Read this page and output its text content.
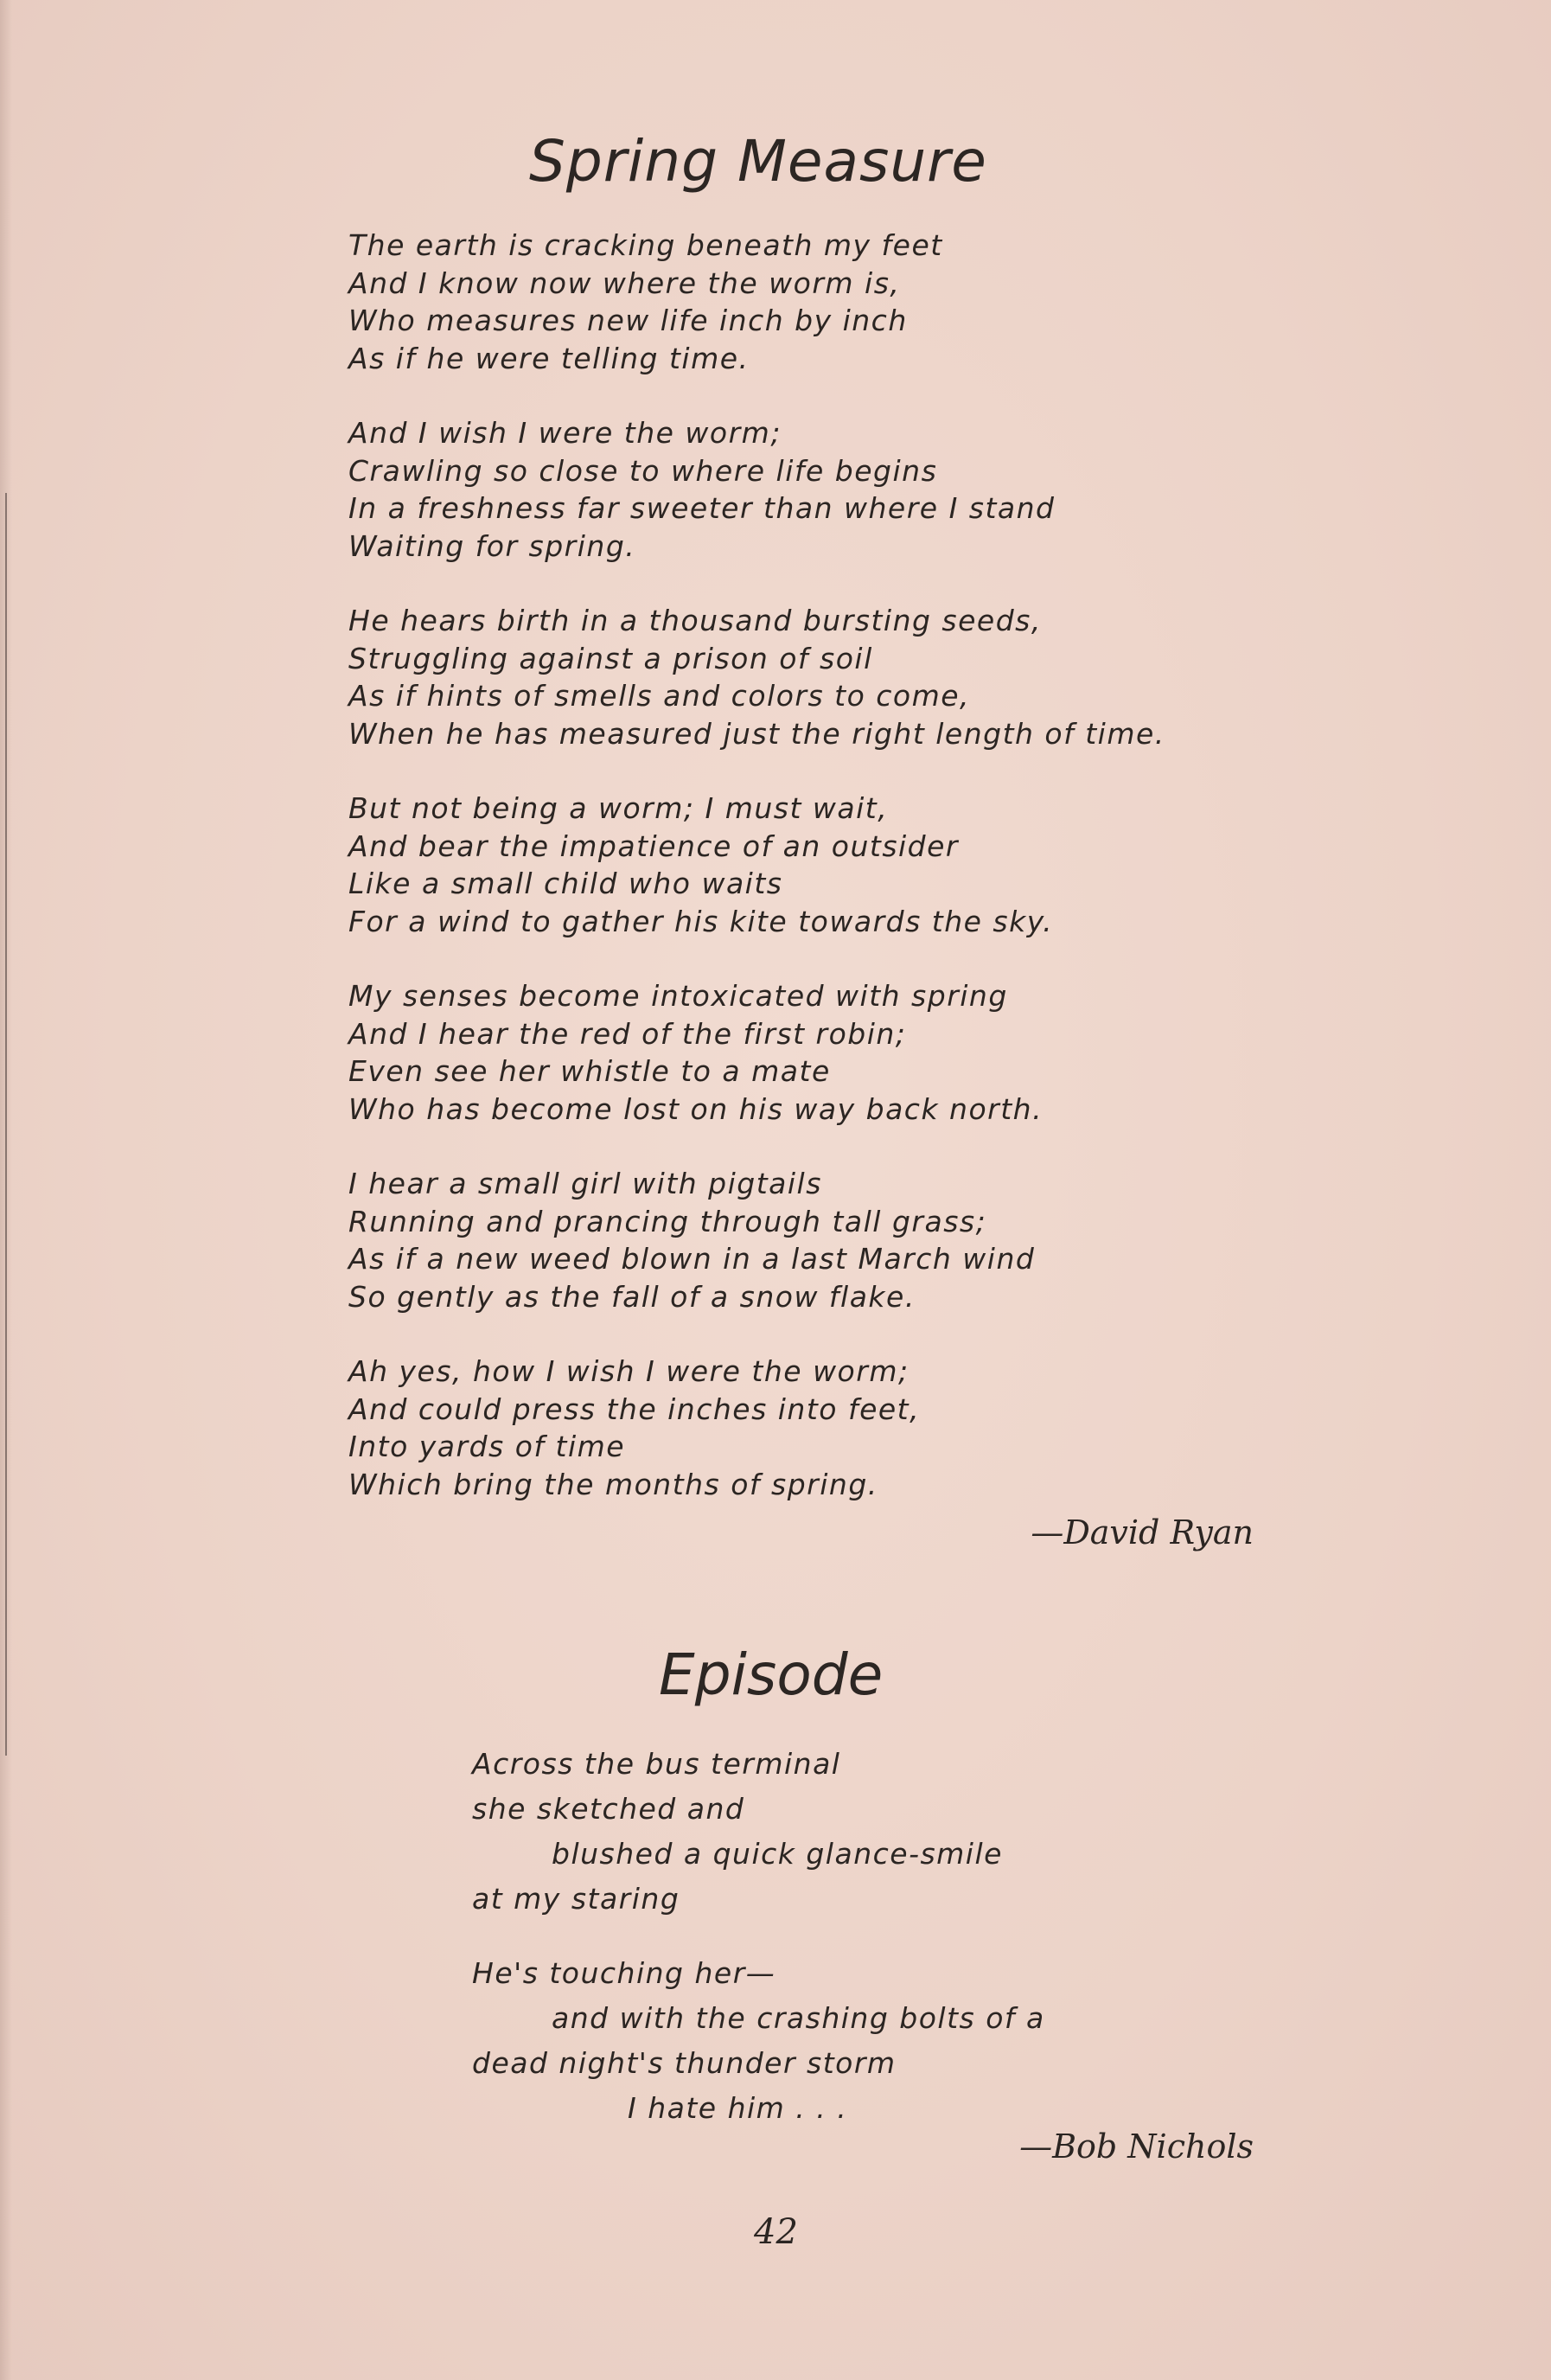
Spring Measure
The earth is cracking beneath my feet
And I know now where the worm is,
Who measures new life inch by inch
As if he were telling time.
And I wish I were the worm;
Crawling so close to where life begins
In a freshness far sweeter than where I stand
Waiting for spring.
He hears birth in a thousand bursting seeds,
Struggling against a prison of soil
As if hints of smells and colors to come,
When he has measured just the right length of time.
But not being a worm; I must wait,
And bear the impatience of an outsider
Like a small child who waits
For a wind to gather his kite towards the sky.
My senses become intoxicated with spring
And I hear the red of the first robin;
Even see her whistle to a mate
Who has become lost on his way back north.
I hear a small girl with pigtails
Running and prancing through tall grass;
As if a new weed blown in a last March wind
So gently as the fall of a snow flake.
Ah yes, how I wish I were the worm;
And could press the inches into feet,
Into yards of time
Which bring the months of spring.
—David Ryan
Episode
Across the bus terminal
she sketched and
blushed a quick glance-smile
at my staring
He's touching her—
and with the crashing bolts of a
dead night's thunder storm
I hate him . . .
—Bob Nichols
42
